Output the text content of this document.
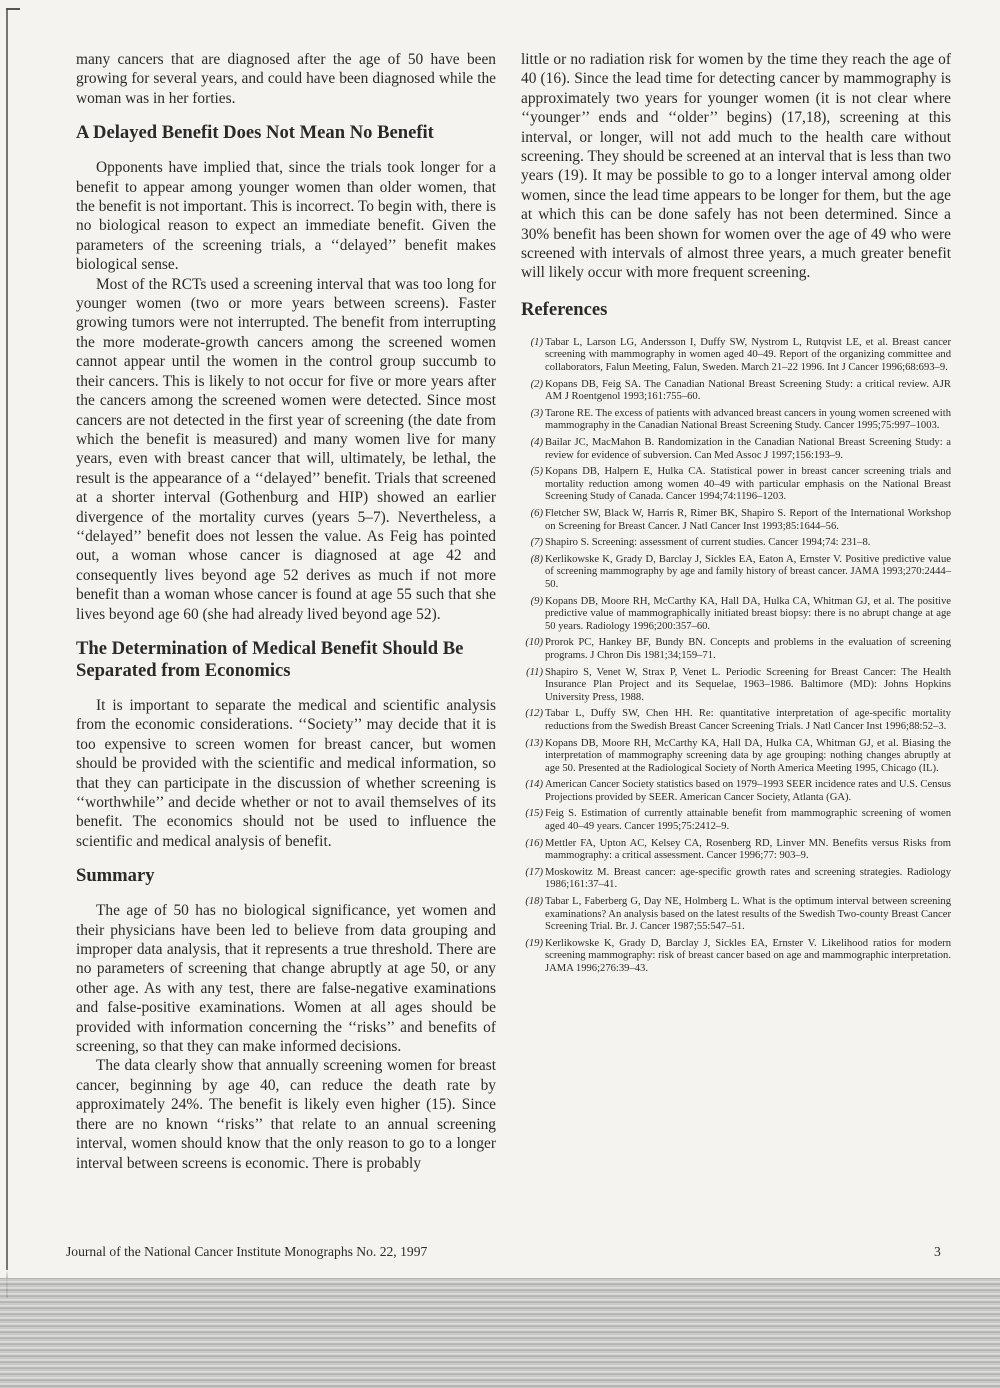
many cancers that are diagnosed after the age of 50 have been growing for several years, and could have been diagnosed while the woman was in her forties.

A Delayed Benefit Does Not Mean No Benefit

Opponents have implied that, since the trials took longer for a benefit to appear among younger women than older women, that the benefit is not important. This is incorrect. To begin with, there is no biological reason to expect an immediate benefit. Given the parameters of the screening trials, a ‘‘delayed’’ benefit makes biological sense.

Most of the RCTs used a screening interval that was too long for younger women (two or more years between screens). Faster growing tumors were not interrupted. The benefit from interrupting the more moderate-growth cancers among the screened women cannot appear until the women in the control group succumb to their cancers. This is likely to not occur for five or more years after the cancers among the screened women were detected. Since most cancers are not detected in the first year of screening (the date from which the benefit is measured) and many women live for many years, even with breast cancer that will, ultimately, be lethal, the result is the appearance of a ‘‘delayed’’ benefit. Trials that screened at a shorter interval (Gothenburg and HIP) showed an earlier divergence of the mortality curves (years 5–7). Nevertheless, a ‘‘delayed’’ benefit does not lessen the value. As Feig has pointed out, a woman whose cancer is diagnosed at age 42 and consequently lives beyond age 52 derives as much if not more benefit than a woman whose cancer is found at age 55 such that she lives beyond age 60 (she had already lived beyond age 52).

The Determination of Medical Benefit Should Be Separated from Economics

It is important to separate the medical and scientific analysis from the economic considerations. ‘‘Society’’ may decide that it is too expensive to screen women for breast cancer, but women should be provided with the scientific and medical information, so that they can participate in the discussion of whether screening is ‘‘worthwhile’’ and decide whether or not to avail themselves of its benefit. The economics should not be used to influence the scientific and medical analysis of benefit.

Summary

The age of 50 has no biological significance, yet women and their physicians have been led to believe from data grouping and improper data analysis, that it represents a true threshold. There are no parameters of screening that change abruptly at age 50, or any other age. As with any test, there are false-negative examinations and false-positive examinations. Women at all ages should be provided with information concerning the ‘‘risks’’ and benefits of screening, so that they can make informed decisions.

The data clearly show that annually screening women for breast cancer, beginning by age 40, can reduce the death rate by approximately 24%. The benefit is likely even higher (15). Since there are no known ‘‘risks’’ that relate to an annual screening interval, women should know that the only reason to go to a longer interval between screens is economic. There is probably

little or no radiation risk for women by the time they reach the age of 40 (16). Since the lead time for detecting cancer by mammography is approximately two years for younger women (it is not clear where ‘‘younger’’ ends and ‘‘older’’ begins) (17,18), screening at this interval, or longer, will not add much to the health care without screening. They should be screened at an interval that is less than two years (19). It may be possible to go to a longer interval among older women, since the lead time appears to be longer for them, but the age at which this can be done safely has not been determined. Since a 30% benefit has been shown for women over the age of 49 who were screened with intervals of almost three years, a much greater benefit will likely occur with more frequent screening.

References
(1) Tabar L, Larson LG, Andersson I, Duffy SW, Nystrom L, Rutqvist LE, et al. Breast cancer screening with mammography in women aged 40–49. Report of the organizing committee and collaborators, Falun Meeting, Falun, Sweden. March 21–22 1996. Int J Cancer 1996;68:693–9.
(2) Kopans DB, Feig SA. The Canadian National Breast Screening Study: a critical review. AJR AM J Roentgenol 1993;161:755–60.
(3) Tarone RE. The excess of patients with advanced breast cancers in young women screened with mammography in the Canadian National Breast Screening Study. Cancer 1995;75:997–1003.
(4) Bailar JC, MacMahon B. Randomization in the Canadian National Breast Screening Study: a review for evidence of subversion. Can Med Assoc J 1997;156:193–9.
(5) Kopans DB, Halpern E, Hulka CA. Statistical power in breast cancer screening trials and mortality reduction among women 40–49 with particular emphasis on the National Breast Screening Study of Canada. Cancer 1994;74:1196–1203.
(6) Fletcher SW, Black W, Harris R, Rimer BK, Shapiro S. Report of the International Workshop on Screening for Breast Cancer. J Natl Cancer Inst 1993;85:1644–56.
(7) Shapiro S. Screening: assessment of current studies. Cancer 1994;74: 231–8.
(8) Kerlikowske K, Grady D, Barclay J, Sickles EA, Eaton A, Ernster V. Positive predictive value of screening mammography by age and family history of breast cancer. JAMA 1993;270:2444–50.
(9) Kopans DB, Moore RH, McCarthy KA, Hall DA, Hulka CA, Whitman GJ, et al. The positive predictive value of mammographically initiated breast biopsy: there is no abrupt change at age 50 years. Radiology 1996;200:357–60.
(10) Prorok PC, Hankey BF, Bundy BN. Concepts and problems in the evaluation of screening programs. J Chron Dis 1981;34;159–71.
(11) Shapiro S, Venet W, Strax P, Venet L. Periodic Screening for Breast Cancer: The Health Insurance Plan Project and its Sequelae, 1963–1986. Baltimore (MD): Johns Hopkins University Press, 1988.
(12) Tabar L, Duffy SW, Chen HH. Re: quantitative interpretation of age-specific mortality reductions from the Swedish Breast Cancer Screening Trials. J Natl Cancer Inst 1996;88:52–3.
(13) Kopans DB, Moore RH, McCarthy KA, Hall DA, Hulka CA, Whitman GJ, et al. Biasing the interpretation of mammography screening data by age grouping: nothing changes abruptly at age 50. Presented at the Radiological Society of North America Meeting 1995, Chicago (IL).
(14) American Cancer Society statistics based on 1979–1993 SEER incidence rates and U.S. Census Projections provided by SEER. American Cancer Society, Atlanta (GA).
(15) Feig S. Estimation of currently attainable benefit from mammographic screening of women aged 40–49 years. Cancer 1995;75:2412–9.
(16) Mettler FA, Upton AC, Kelsey CA, Rosenberg RD, Linver MN. Benefits versus Risks from mammography: a critical assessment. Cancer 1996;77: 903–9.
(17) Moskowitz M. Breast cancer: age-specific growth rates and screening strategies. Radiology 1986;161:37–41.
(18) Tabar L, Faberberg G, Day NE, Holmberg L. What is the optimum interval between screening examinations? An analysis based on the latest results of the Swedish Two-county Breast Cancer Screening Trial. Br. J. Cancer 1987;55:547–51.
(19) Kerlikowske K, Grady D, Barclay J, Sickles EA, Ernster V. Likelihood ratios for modern screening mammography: risk of breast cancer based on age and mammographic interpretation. JAMA 1996;276:39–43.
Journal of the National Cancer Institute Monographs No. 22, 1997	3
